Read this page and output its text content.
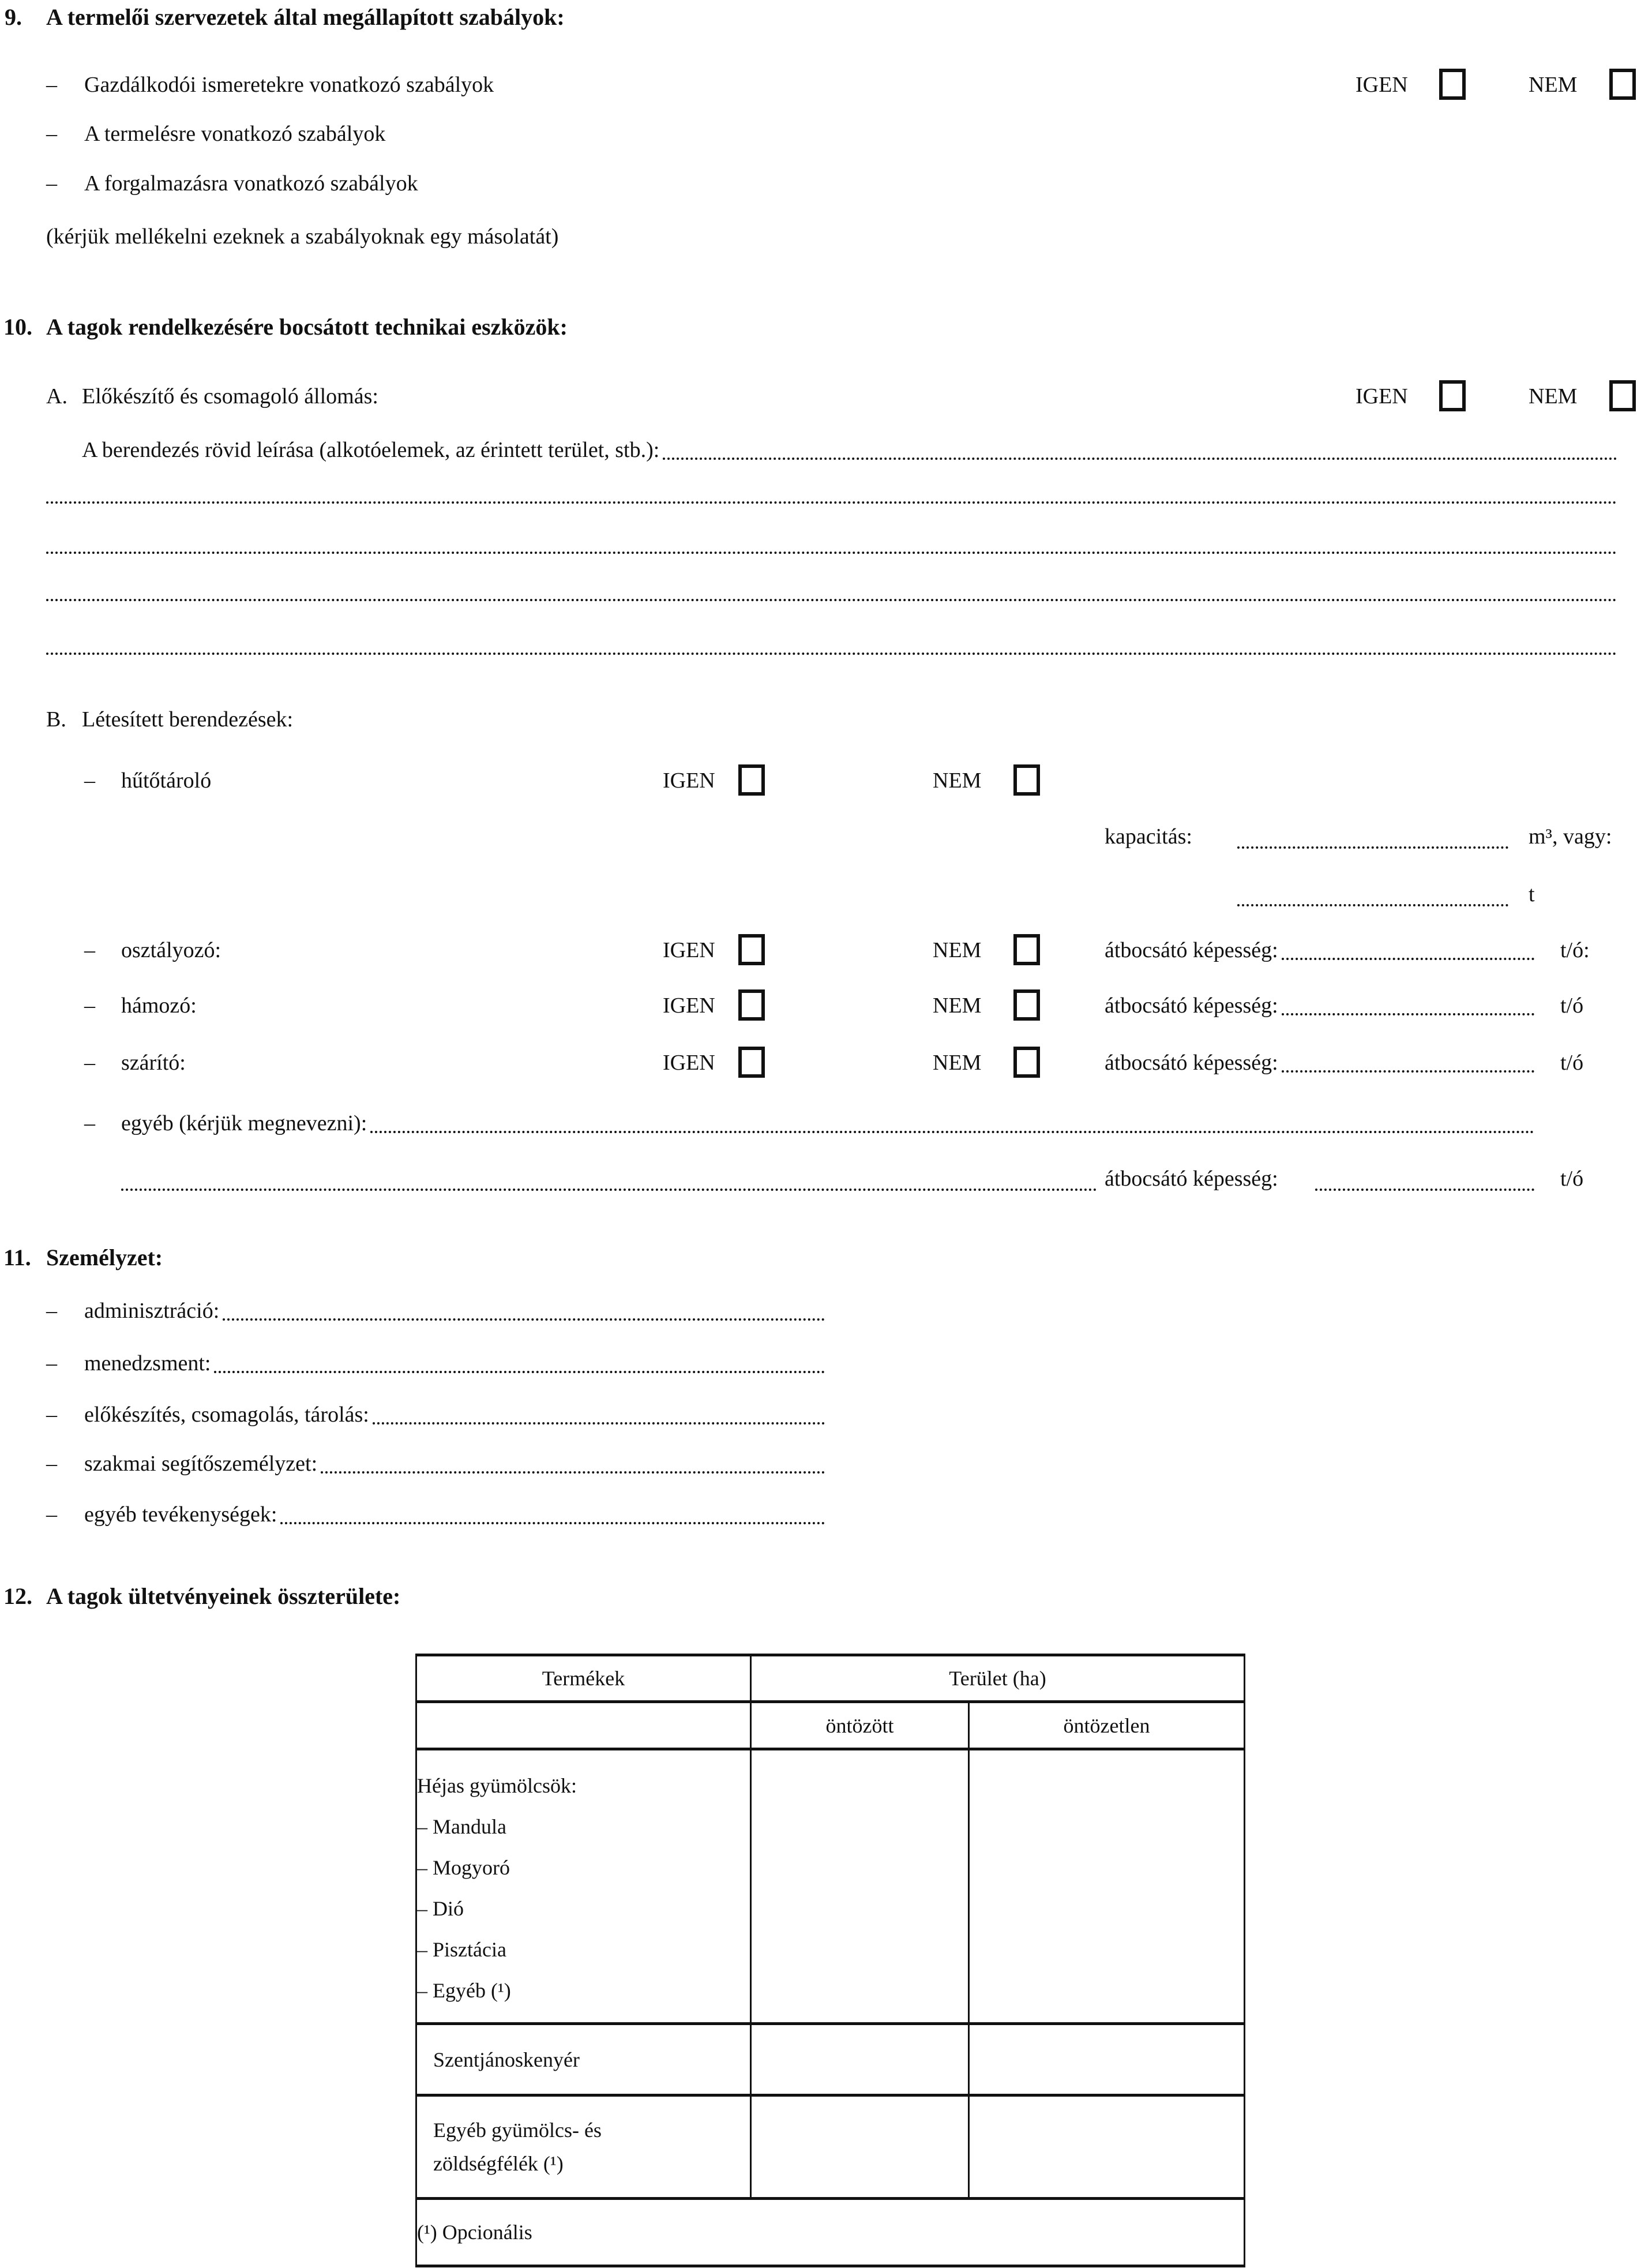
9. A termelői szervezetek által megállapított szabályok:
– Gazdálkodói ismeretekre vonatkozó szabályok	IGEN	NEM
– A termelésre vonatkozó szabályok
– A forgalmazásra vonatkozó szabályok
(kérjük mellékelni ezeknek a szabályoknak egy másolatát)
10. A tagok rendelkezésére bocsátott technikai eszközök:
A. Előkészítő és csomagoló állomás:	IGEN	NEM
A berendezés rövid leírása (alkotóelemek, az érintett terület, stb.):
B. Létesített berendezések:
– hűtőtároló	IGEN	NEM
kapacitás:	m³, vagy:
t
– osztályozó:	IGEN	NEM	átbocsátó képesség:	t/ó:
– hámozó:	IGEN	NEM	átbocsátó képesség:	t/ó
– szárító:	IGEN	NEM	átbocsátó képesség:	t/ó
– egyéb (kérjük megnevezni):
átbocsátó képesség:	t/ó
11. Személyzet:
– adminisztráció:
– menedzsment:
– előkészítés, csomagolás, tárolás:
– szakmai segítőszemélyzet:
– egyéb tevékenységek:
12. A tagok ültetvényeinek összterülete:
Termékek	Terület (ha)	
	öntözött	öntözetlen

Héjas gyümölcsök:
– Mandula
– Mogyoró
– Dió
– Pisztácia
– Egyéb (¹)

Szentjánoskenyér		

Egyéb gyümölcs- és zöldségfélék (¹)		

(¹) Opcionális		
